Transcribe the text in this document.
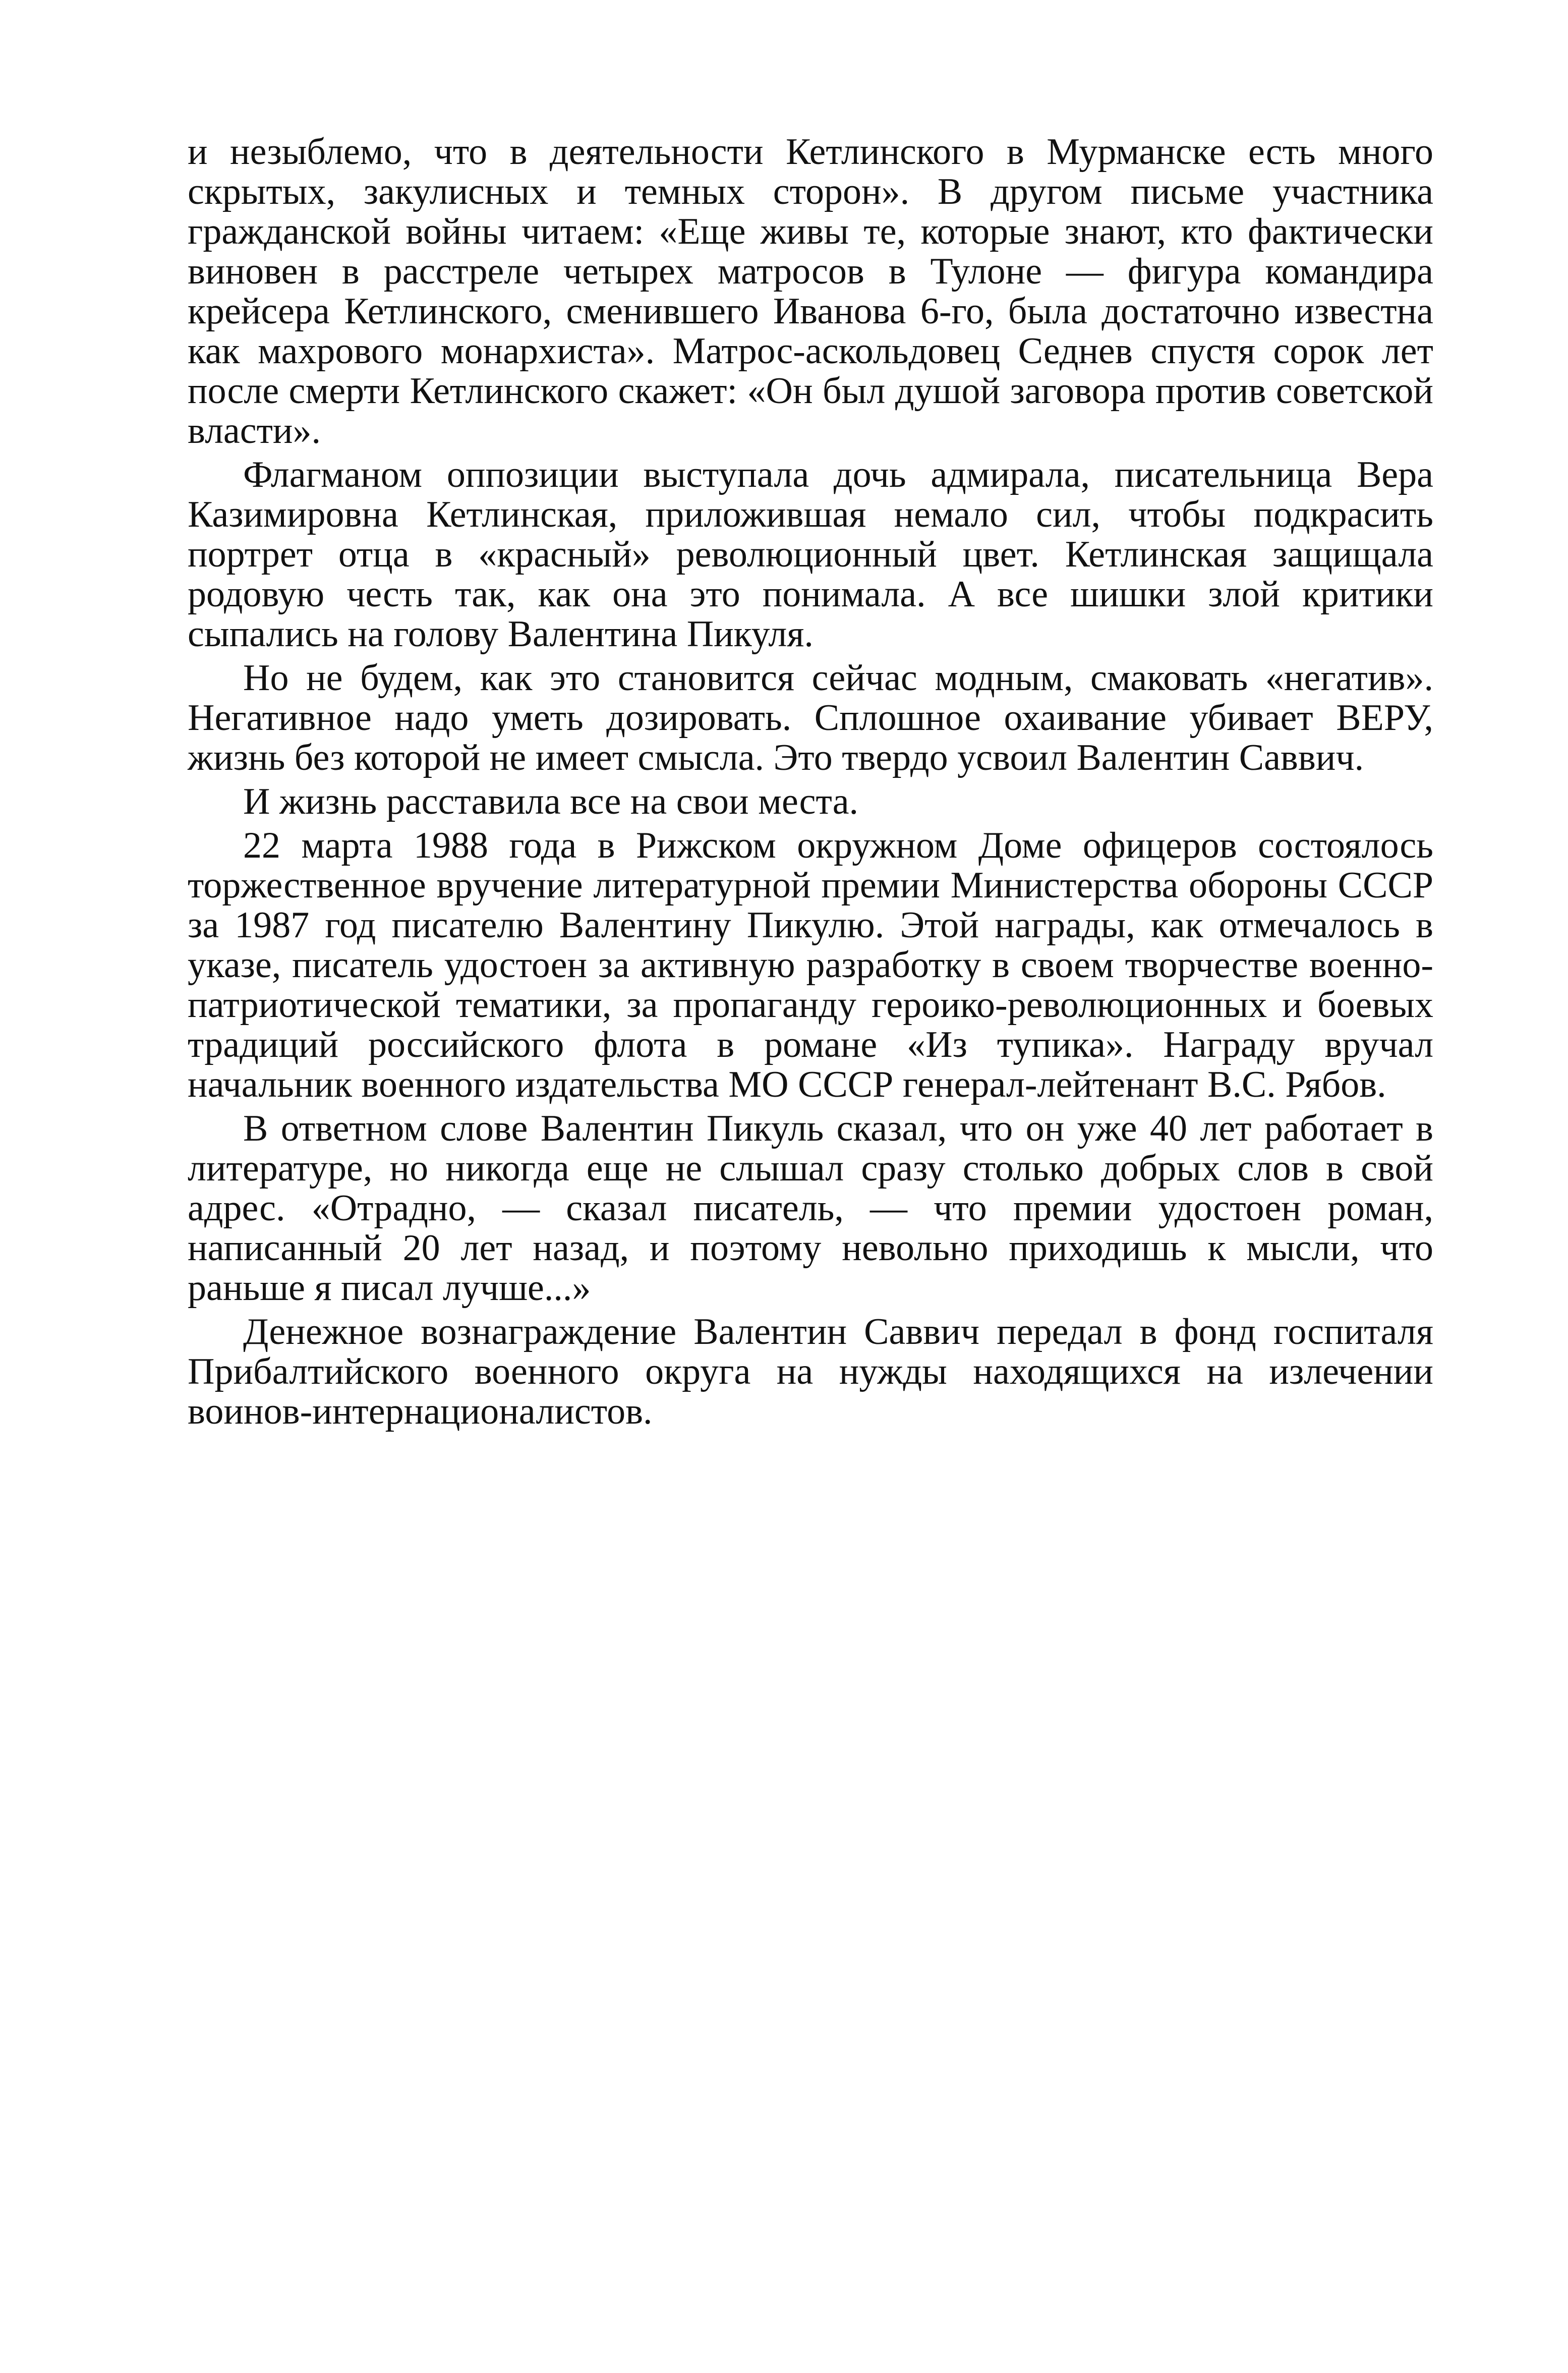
и незыблемо, что в деятельности Кетлинского в Мурманске есть много скрытых, закулисных и темных сторон». В другом письме участника гражданской войны читаем: «Еще живы те, которые знают, кто фактически виновен в расстреле четырех матросов в Тулоне — фигура командира крейсера Кетлинского, сменившего Иванова 6-го, была достаточно известна как махрового монархиста». Матрос-аскольдовец Седнев спустя сорок лет после смерти Кетлинского скажет: «Он был душой заговора против советской власти».

Флагманом оппозиции выступала дочь адмирала, писательница Вера Казимировна Кетлинская, приложившая немало сил, чтобы подкрасить портрет отца в «красный» революционный цвет. Кетлинская защищала родовую честь так, как она это понимала. А все шишки злой критики сыпались на голову Валентина Пикуля.

Но не будем, как это становится сейчас модным, смаковать «негатив». Негативное надо уметь дозировать. Сплошное охаивание убивает ВЕРУ, жизнь без которой не имеет смысла. Это твердо усвоил Валентин Саввич.

И жизнь расставила все на свои места.

22 марта 1988 года в Рижском окружном Доме офицеров состоялось торжественное вручение литературной премии Министерства обороны СССР за 1987 год писателю Валентину Пикулю. Этой награды, как отмечалось в указе, писатель удостоен за активную разработку в своем творчестве военно-патриотической тематики, за пропаганду героико-революционных и боевых традиций российского флота в романе «Из тупика». Награду вручал начальник военного издательства МО СССР генерал-лейтенант В.С. Рябов.

В ответном слове Валентин Пикуль сказал, что он уже 40 лет работает в литературе, но никогда еще не слышал сразу столько добрых слов в свой адрес. «Отрадно, — сказал писатель, — что премии удостоен роман, написанный 20 лет назад, и поэтому невольно приходишь к мысли, что раньше я писал лучше...»

Денежное вознаграждение Валентин Саввич передал в фонд госпиталя Прибалтийского военного округа на нужды находящихся на излечении воинов-интернационалистов.
